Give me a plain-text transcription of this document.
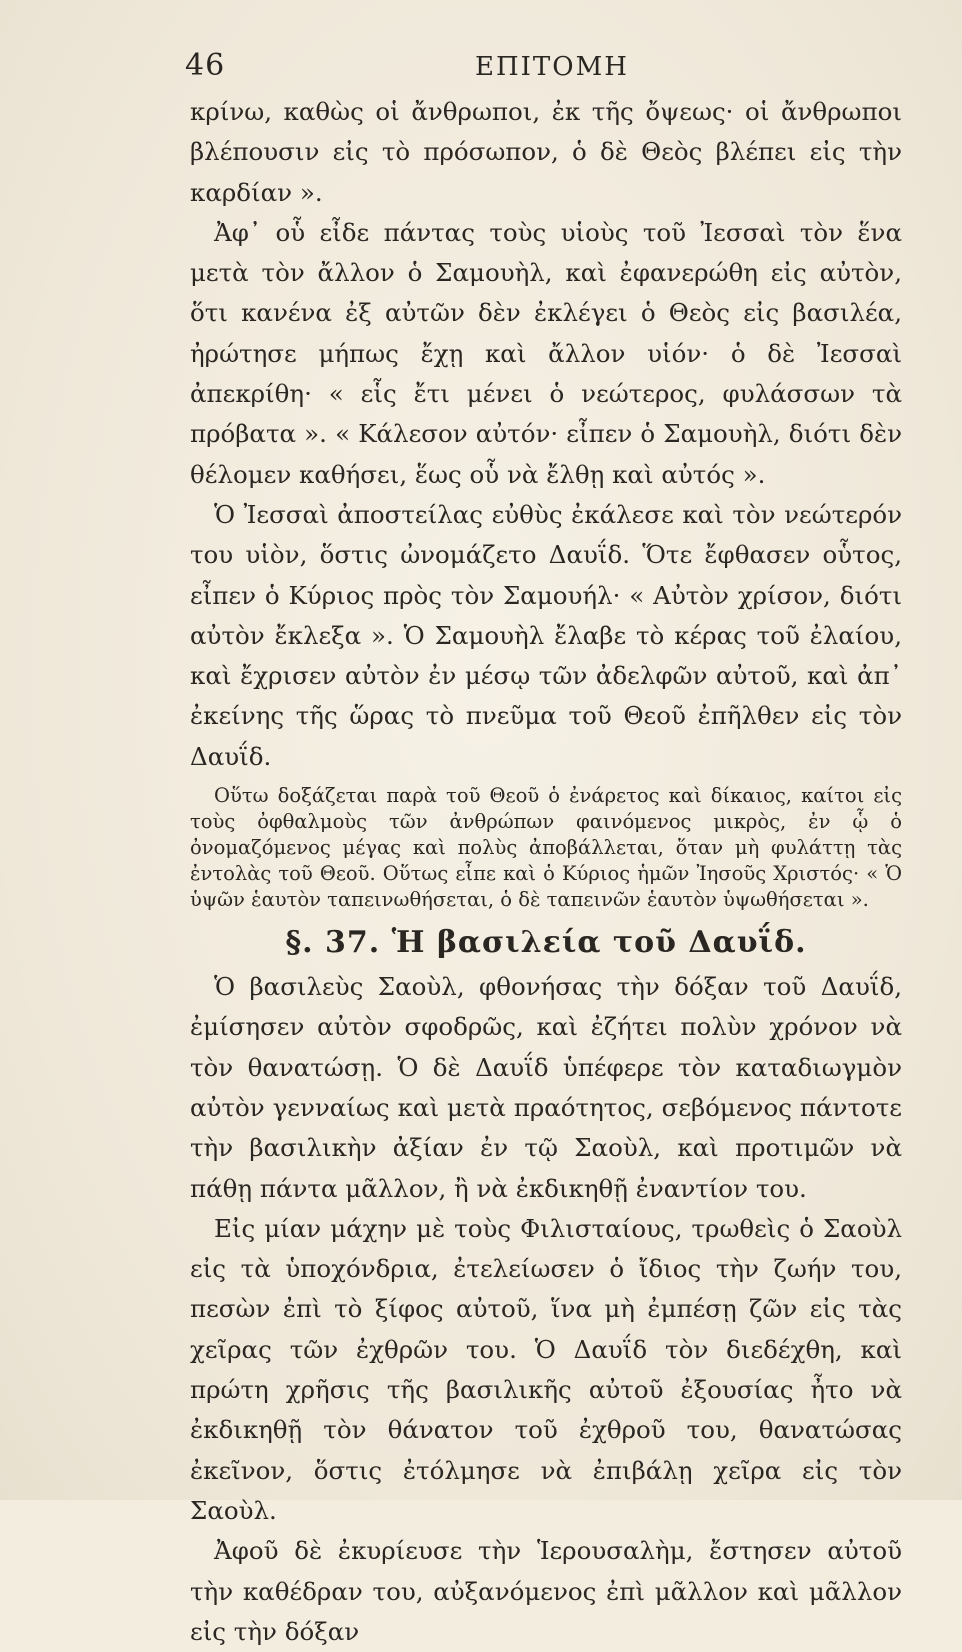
46	ΕΠΙΤΟΜΗ

κρίνω, καθὼς οἱ ἄνθρωποι, ἐκ τῆς ὄψεως· οἱ ἄνθρωποι βλέπουσιν εἰς τὸ πρόσωπον, ὁ δὲ Θεὸς βλέπει εἰς τὴν καρδίαν ».

Ἀφ᾽ οὗ εἶδε πάντας τοὺς υἱοὺς τοῦ Ἰεσσαὶ τὸν ἕνα μετὰ τὸν ἄλλον ὁ Σαμουὴλ, καὶ ἐφανερώθη εἰς αὐτὸν, ὅτι κανένα ἐξ αὐτῶν δὲν ἐκλέγει ὁ Θεὸς εἰς βασιλέα, ἠρώτησε μήπως ἔχῃ καὶ ἄλλον υἱόν· ὁ δὲ Ἰεσσαὶ ἀπεκρίθη· « εἷς ἔτι μένει ὁ νεώτερος, φυλάσσων τὰ πρόβατα ». « Κάλεσον αὐτόν· εἶπεν ὁ Σαμουὴλ, διότι δὲν θέλομεν καθήσει, ἕως οὗ νὰ ἔλθῃ καὶ αὐτός ».

Ὁ Ἰεσσαὶ ἀποστείλας εὐθὺς ἐκάλεσε καὶ τὸν νεώτερόν του υἱὸν, ὅστις ὠνομάζετο Δαυΐδ. Ὅτε ἔφθασεν οὗτος, εἶπεν ὁ Κύριος πρὸς τὸν Σαμουήλ· « Αὐτὸν χρίσον, διότι αὐτὸν ἔκλεξα ». Ὁ Σαμουὴλ ἔλαβε τὸ κέρας τοῦ ἐλαίου, καὶ ἔχρισεν αὐτὸν ἐν μέσῳ τῶν ἀδελφῶν αὐτοῦ, καὶ ἀπ᾽ ἐκείνης τῆς ὥρας τὸ πνεῦμα τοῦ Θεοῦ ἐπῆλθεν εἰς τὸν Δαυΐδ.

Οὕτω δοξάζεται παρὰ τοῦ Θεοῦ ὁ ἐνάρετος καὶ δίκαιος, καίτοι εἰς τοὺς ὀφθαλμοὺς τῶν ἀνθρώπων φαινόμενος μικρὸς, ἐν ᾧ ὁ ὀνομαζόμενος μέγας καὶ πολὺς ἀποβάλλεται, ὅταν μὴ φυλάττῃ τὰς ἐντολὰς τοῦ Θεοῦ. Οὕτως εἶπε καὶ ὁ Κύριος ἡμῶν Ἰησοῦς Χριστός· « Ὁ ὑψῶν ἑαυτὸν ταπεινωθήσεται, ὁ δὲ ταπεινῶν ἑαυτὸν ὑψωθήσεται ».

§. 37. Ἡ βασιλεία τοῦ Δαυΐδ.

Ὁ βασιλεὺς Σαοὺλ, φθονήσας τὴν δόξαν τοῦ Δαυΐδ, ἐμίσησεν αὐτὸν σφοδρῶς, καὶ ἐζήτει πολὺν χρόνον νὰ τὸν θανατώσῃ. Ὁ δὲ Δαυΐδ ὑπέφερε τὸν καταδιωγμὸν αὐτὸν γενναίως καὶ μετὰ πραότητος, σεβόμενος πάντοτε τὴν βασιλικὴν ἀξίαν ἐν τῷ Σαοὺλ, καὶ προτιμῶν νὰ πάθῃ πάντα μᾶλλον, ἢ νὰ ἐκδικηθῇ ἐναντίον του.

Εἰς μίαν μάχην μὲ τοὺς Φιλισταίους, τρωθεὶς ὁ Σαοὺλ εἰς τὰ ὑποχόνδρια, ἐτελείωσεν ὁ ἴδιος τὴν ζωήν του, πεσὼν ἐπὶ τὸ ξίφος αὐτοῦ, ἵνα μὴ ἐμπέσῃ ζῶν εἰς τὰς χεῖρας τῶν ἐχθρῶν του. Ὁ Δαυΐδ τὸν διεδέχθη, καὶ πρώτη χρῆσις τῆς βασιλικῆς αὐτοῦ ἐξουσίας ἦτο νὰ ἐκδικηθῇ τὸν θάνατον τοῦ ἐχθροῦ του, θανατώσας ἐκεῖνον, ὅστις ἐτόλμησε νὰ ἐπιβάλῃ χεῖρα εἰς τὸν Σαοὺλ.

Ἀφοῦ δὲ ἐκυρίευσε τὴν Ἱερουσαλὴμ, ἔστησεν αὐτοῦ τὴν καθέδραν του, αὐξανόμενος ἐπὶ μᾶλλον καὶ μᾶλλον εἰς τὴν δόξαν
